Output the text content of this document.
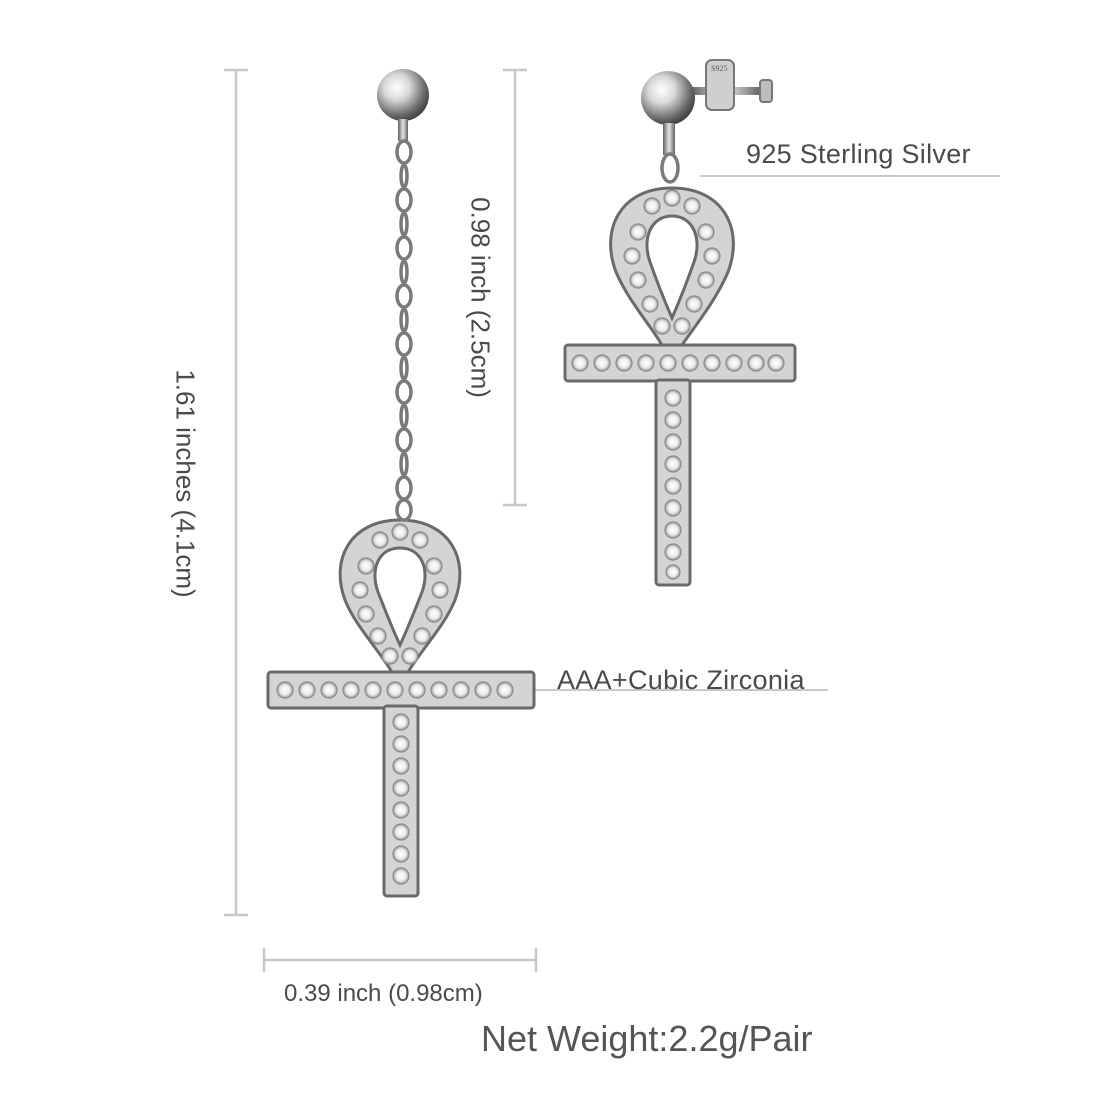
S925
925 Sterling Silver
AAA+Cubic Zirconia
0.98 inch (2.5cm)
1.61 inches (4.1cm)
0.39 inch (0.98cm)
Net Weight:2.2g/Pair
